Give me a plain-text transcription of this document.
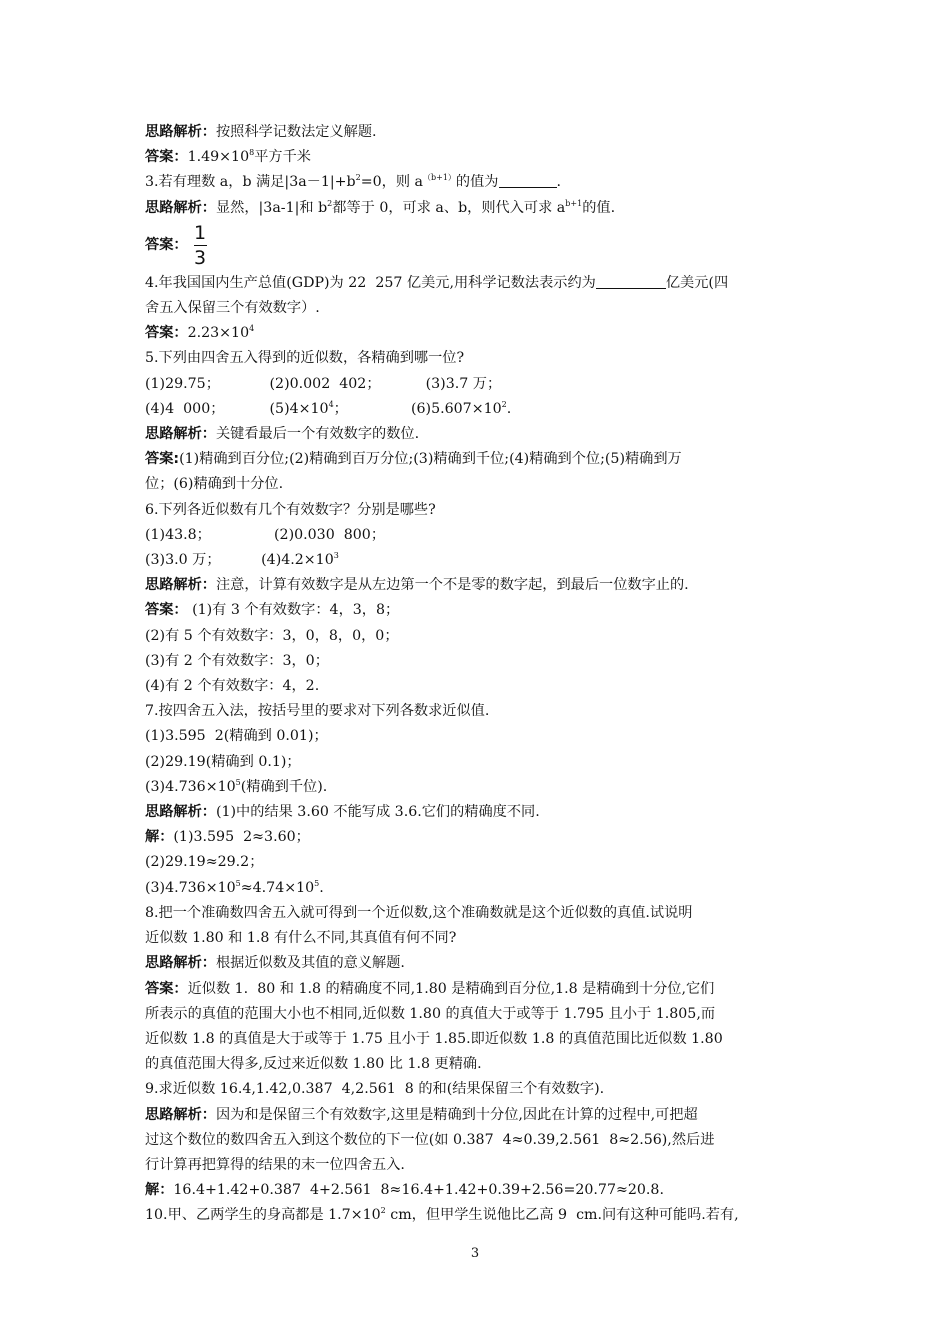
思路解析：按照科学记数法定义解题.
答案：$1.49\times 10^8$平方千米
3.若有理数 a，b 满足$|3a-1|+b^2=0$，则 $a^{(b+1)}$的值为	.
思路解析：显然，|3a-1|和 $b^2$都等于 0，可求 a、b，则代入可求 $a^{b+1}$的值.
答案： $\frac{1}{3}$
4.年我国国内生产总值(GDP)为 22  257 亿美元,用科学记数法表示约为	亿美元(四
舍五入保留三个有效数字）.
答案：$2.23\times 10^4$
5.下列由四舍五入得到的近似数，各精确到哪一位?
(1)29.75；           (2)0.002  402；          (3)3.7 万；
(4)4  000；          $(5)4\times 10^4$；              $(6)5.607\times 10^2$.
思路解析：关键看最后一个有效数字的数位.
答案:(1)精确到百分位;(2)精确到百万分位;(3)精确到千位;(4)精确到个位;(5)精确到万
位；(6)精确到十分位.
6.下列各近似数有几个有效数字？分别是哪些?
(1)43.8；              (2)0.030  800；
(3)3.0 万；         $(4)4.2\times 10^3$
思路解析：注意，计算有效数字是从左边第一个不是零的数字起，到最后一位数字止的.
答案： (1)有 3 个有效数字：4，3，8；
(2)有 5 个有效数字：3，0，8，0，0；
(3)有 2 个有效数字：3，0；
(4)有 2 个有效数字：4，2.
7.按四舍五入法，按括号里的要求对下列各数求近似值.
(1)3.595  2(精确到 0.01)；
(2)29.19(精确到 0.1)；
$(3)4.736\times 10^5$(精确到千位).
思路解析：(1)中的结果 3.60 不能写成 3.6.它们的精确度不同.
解：(1)3.595  2≈3.60；
(2)29.19≈29.2；
$(3)4.736\times 10^5\approx 4.74\times 10^5$.
8.把一个准确数四舍五入就可得到一个近似数,这个准确数就是这个近似数的真值.试说明
近似数 1.80 和 1.8 有什么不同,其真值有何不同?
思路解析：根据近似数及其值的意义解题.
答案：近似数 1.  80 和 1.8 的精确度不同,1.80 是精确到百分位,1.8 是精确到十分位,它们
所表示的真值的范围大小也不相同,近似数 1.80 的真值大于或等于 1.795 且小于 1.805,而
近似数 1.8 的真值是大于或等于 1.75 且小于 1.85.即近似数 1.8 的真值范围比近似数 1.80
的真值范围大得多,反过来近似数 1.80 比 1.8 更精确.
9.求近似数 16.4,1.42,0.387  4,2.561  8 的和(结果保留三个有效数字).
思路解析：因为和是保留三个有效数字,这里是精确到十分位,因此在计算的过程中,可把超
过这个数位的数四舍五入到这个数位的下一位(如 0.387  4≈0.39,2.561  8≈2.56),然后进
行计算再把算得的结果的末一位四舍五入.
解：16.4+1.42+0.387  4+2.561  8≈16.4+1.42+0.39+2.56=20.77≈20.8.
10.甲、乙两学生的身高都是 $1.7\times 10^2$ cm，但甲学生说他比乙高 9  cm.问有这种可能吗.若有,
3
